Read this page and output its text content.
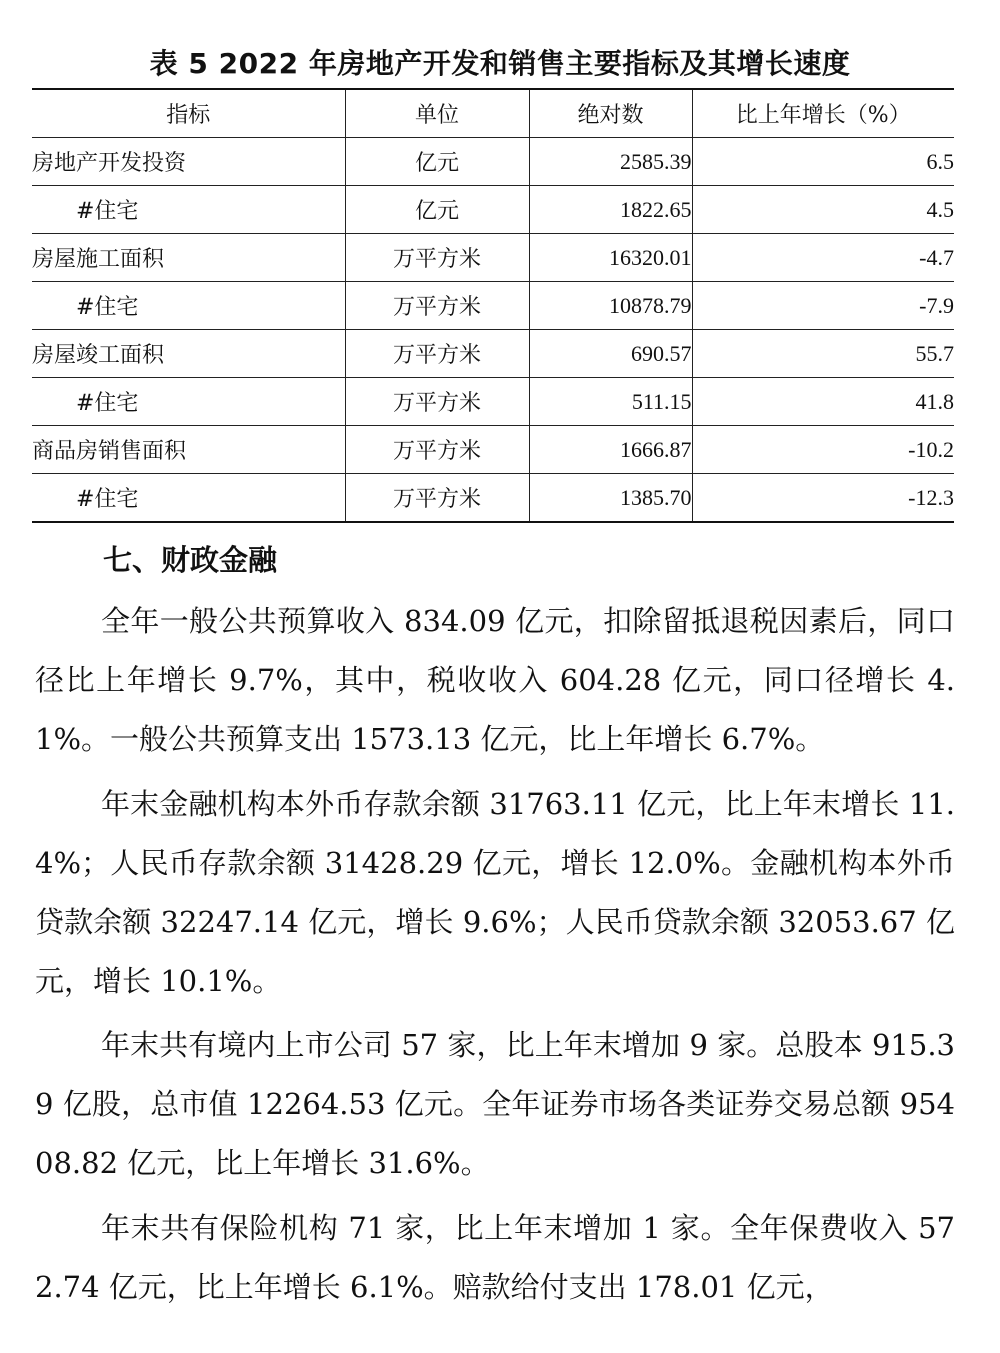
表 5 2022 年房地产开发和销售主要指标及其增长速度
指标	单位	绝对数	比上年增长（%）
房地产开发投资	亿元	2585.39	6.5
#住宅	亿元	1822.65	4.5
房屋施工面积	万平方米	16320.01	-4.7
#住宅	万平方米	10878.79	-7.9
房屋竣工面积	万平方米	690.57	55.7
#住宅	万平方米	511.15	41.8
商品房销售面积	万平方米	1666.87	-10.2
#住宅	万平方米	1385.70	-12.3
七、财政金融

全年一般公共预算收入 834.09 亿元，扣除留抵退税因素后，同口径比上年增长 9.7%，其中，税收收入 604.28 亿元，同口径增长 4.1%。一般公共预算支出 1573.13 亿元，比上年增长 6.7%。

年末金融机构本外币存款余额 31763.11 亿元，比上年末增长 11.4%；人民币存款余额 31428.29 亿元，增长 12.0%。金融机构本外币贷款余额 32247.14 亿元，增长 9.6%；人民币贷款余额 32053.67 亿元，增长 10.1%。

年末共有境内上市公司 57 家，比上年末增加 9 家。总股本 915.39 亿股，总市值 12264.53 亿元。全年证券市场各类证券交易总额 95408.82 亿元，比上年增长 31.6%。

年末共有保险机构 71 家，比上年末增加 1 家。全年保费收入 572.74 亿元，比上年增长 6.1%。赔款给付支出 178.01 亿元，
